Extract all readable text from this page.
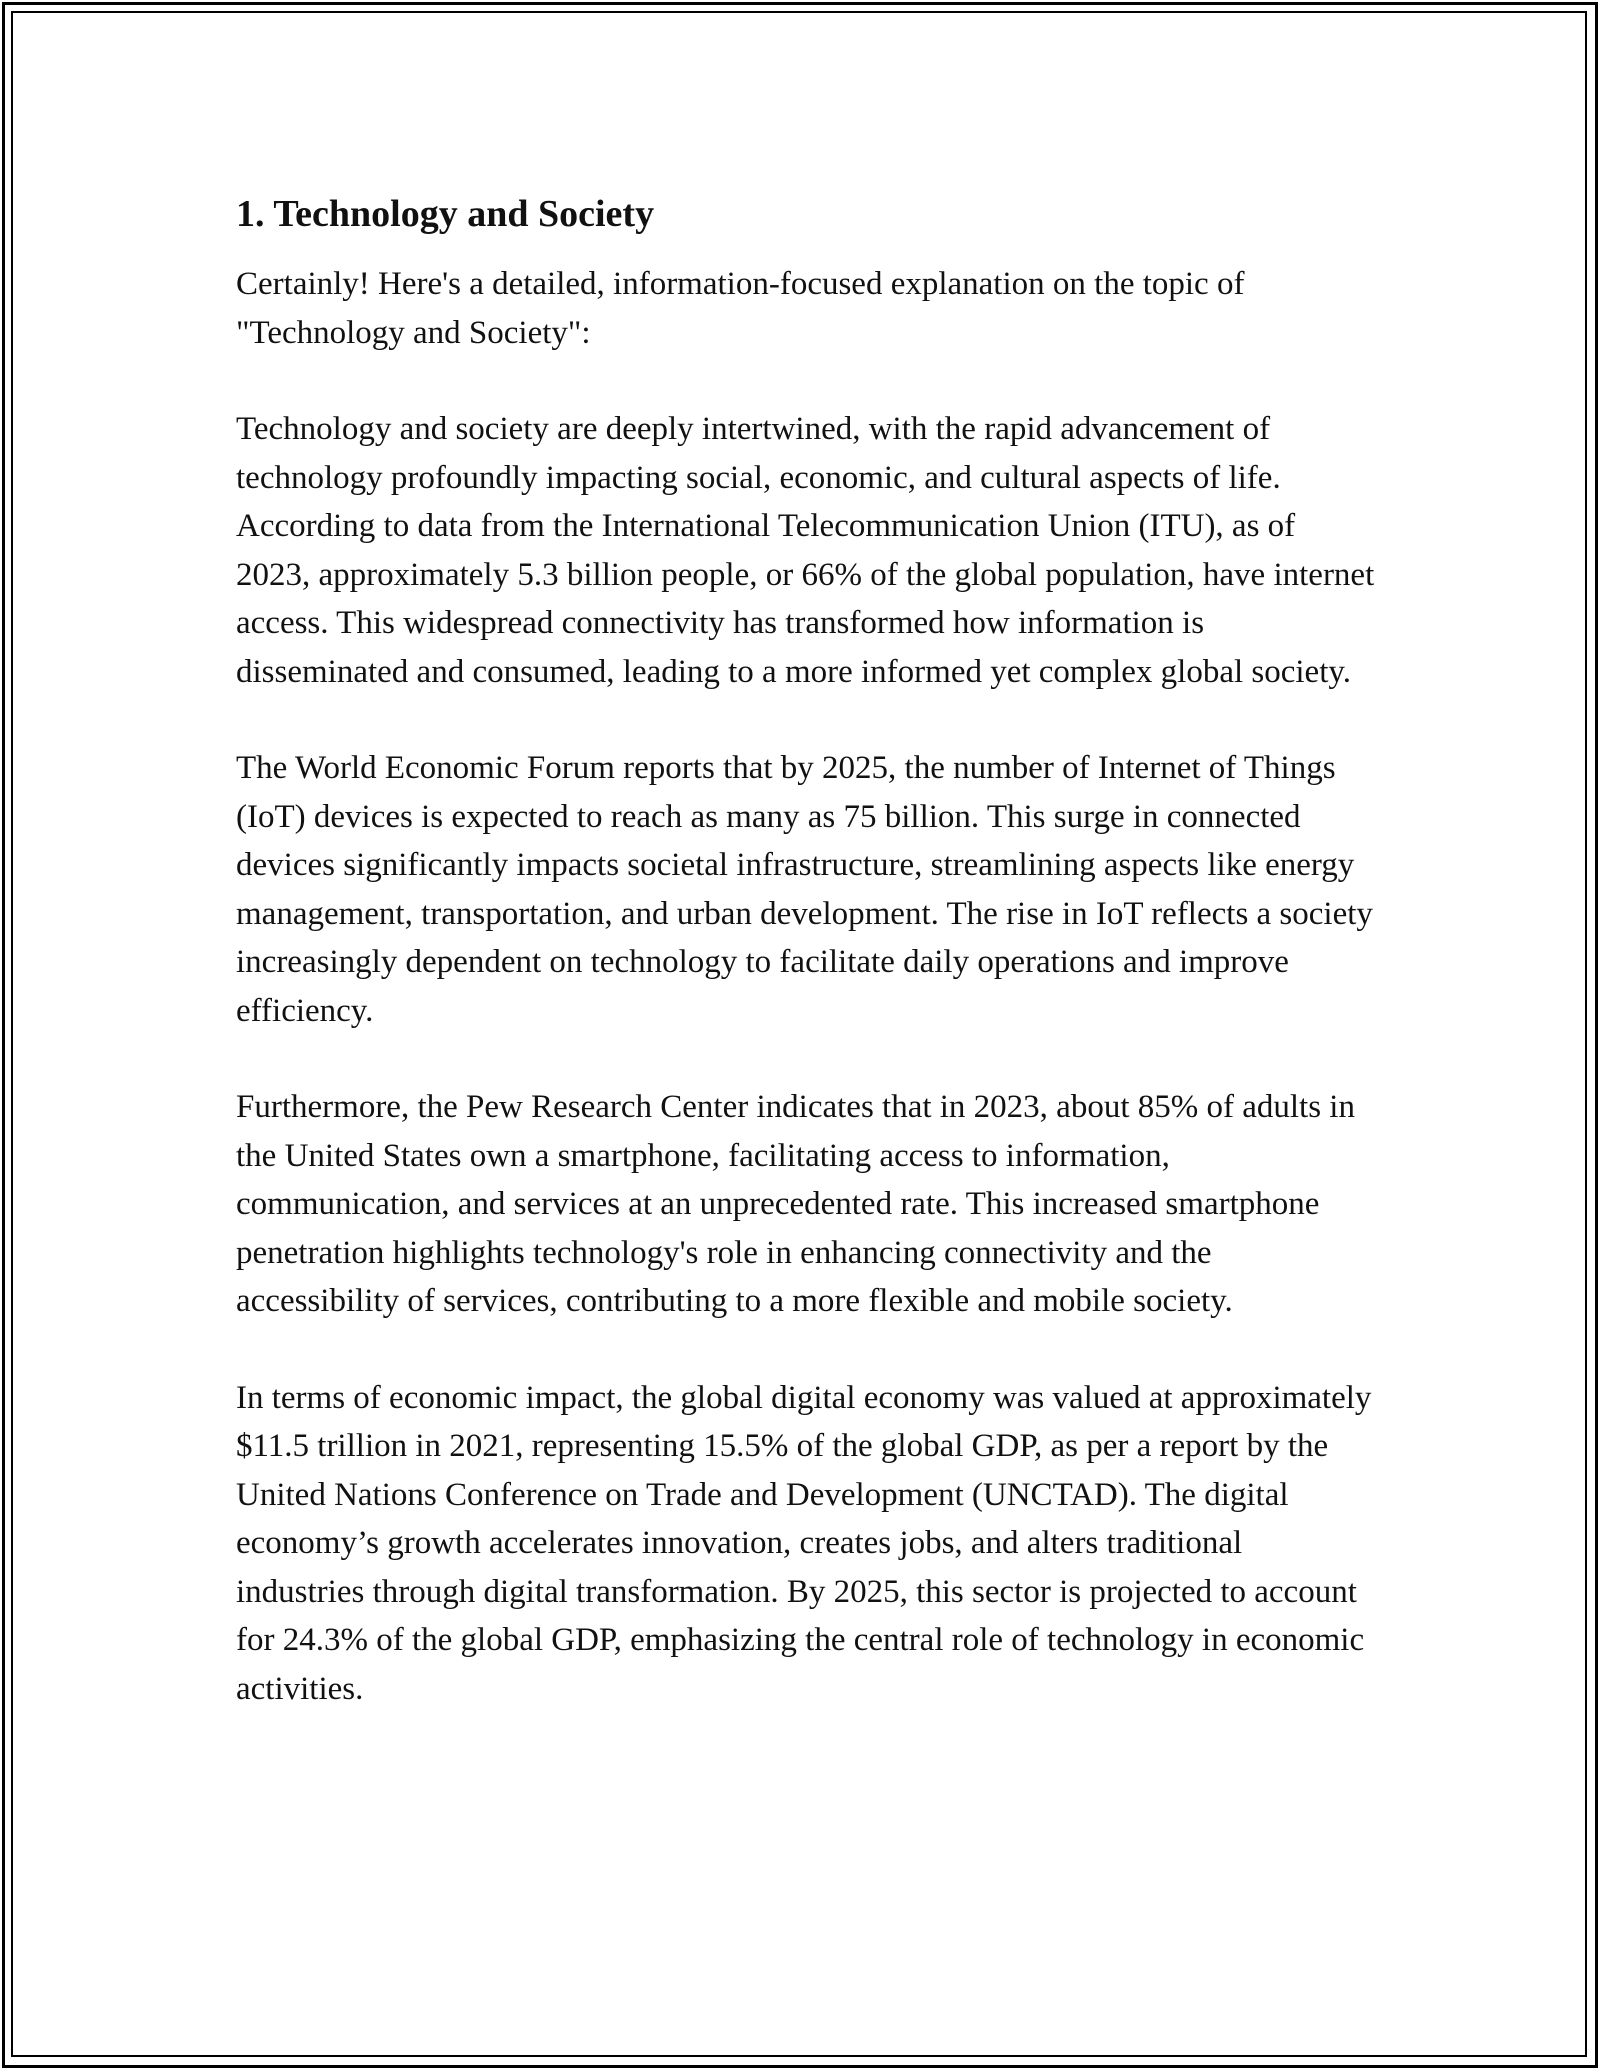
1. Technology and Society

Certainly! Here's a detailed, information-focused explanation on the topic of "Technology and Society":

Technology and society are deeply intertwined, with the rapid advancement of technology profoundly impacting social, economic, and cultural aspects of life. According to data from the International Telecommunication Union (ITU), as of 2023, approximately 5.3 billion people, or 66% of the global population, have internet access. This widespread connectivity has transformed how information is disseminated and consumed, leading to a more informed yet complex global society.

The World Economic Forum reports that by 2025, the number of Internet of Things (IoT) devices is expected to reach as many as 75 billion. This surge in connected devices significantly impacts societal infrastructure, streamlining aspects like energy management, transportation, and urban development. The rise in IoT reflects a society increasingly dependent on technology to facilitate daily operations and improve efficiency.

Furthermore, the Pew Research Center indicates that in 2023, about 85% of adults in the United States own a smartphone, facilitating access to information, communication, and services at an unprecedented rate. This increased smartphone penetration highlights technology's role in enhancing connectivity and the accessibility of services, contributing to a more flexible and mobile society.

In terms of economic impact, the global digital economy was valued at approximately $11.5 trillion in 2021, representing 15.5% of the global GDP, as per a report by the United Nations Conference on Trade and Development (UNCTAD). The digital economy’s growth accelerates innovation, creates jobs, and alters traditional industries through digital transformation. By 2025, this sector is projected to account for 24.3% of the global GDP, emphasizing the central role of technology in economic activities.
